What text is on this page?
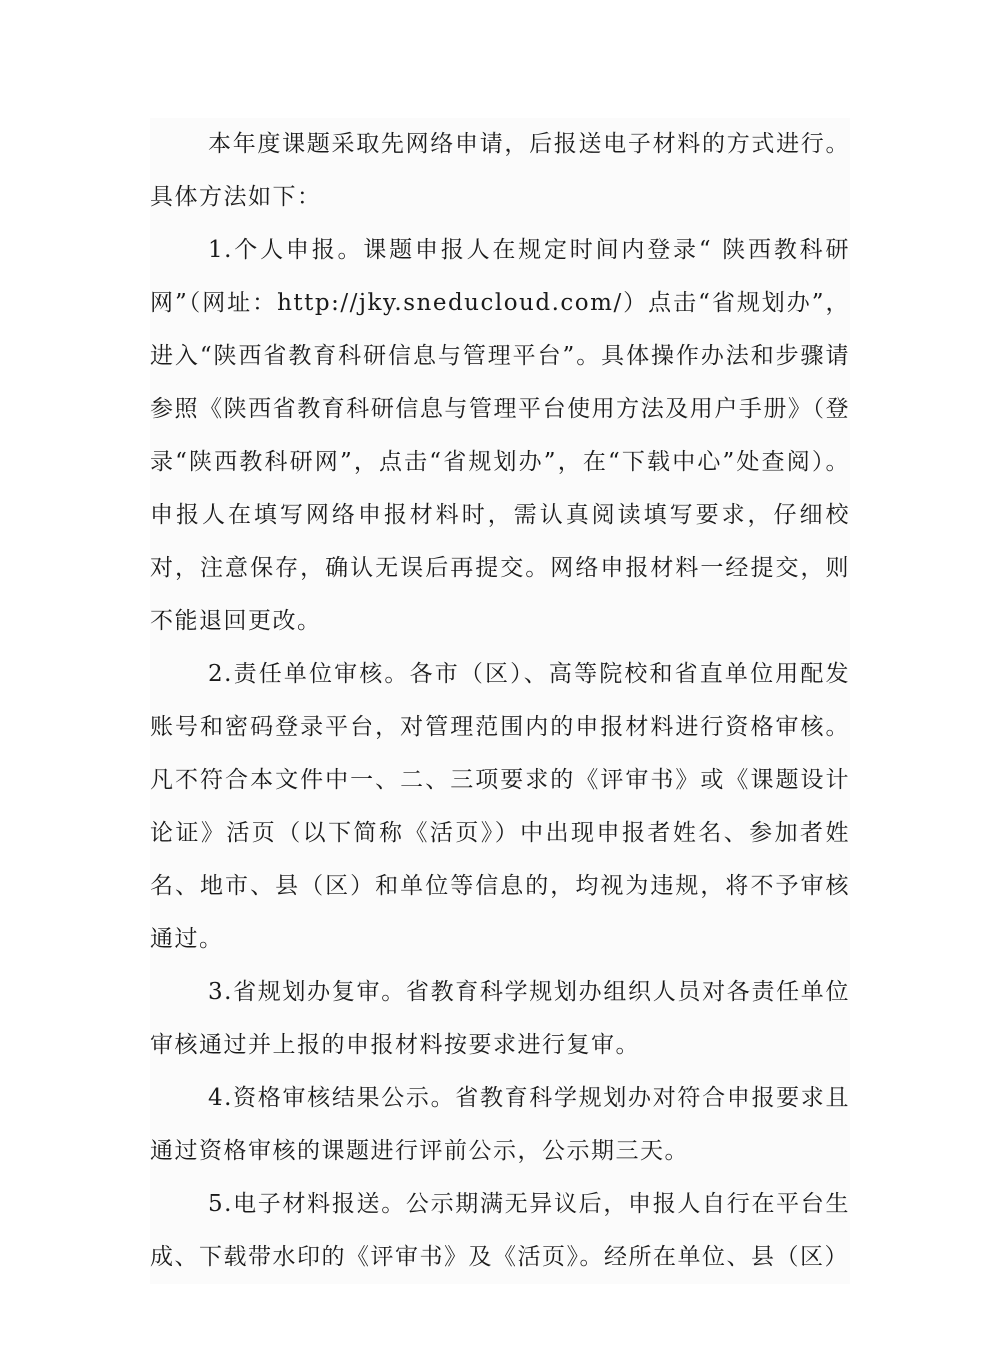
本年度课题采取先网络申请，后报送电子材料的方式进行。具体方法如下：

1.个人申报。课题申报人在规定时间内登录“ 陕西教科研网”（网址：http://jky.sneducloud.com/）点击“省规划办”，进入“陕西省教育科研信息与管理平台”。具体操作办法和步骤请参照《陕西省教育科研信息与管理平台使用方法及用户手册》（登录“陕西教科研网”，点击“省规划办”，在“下载中心”处查阅）。申报人在填写网络申报材料时，需认真阅读填写要求，仔细校对，注意保存，确认无误后再提交。网络申报材料一经提交，则不能退回更改。

2.责任单位审核。各市（区）、高等院校和省直单位用配发账号和密码登录平台，对管理范围内的申报材料进行资格审核。凡不符合本文件中一、二、三项要求的《评审书》或《课题设计论证》活页（以下简称《活页》）中出现申报者姓名、参加者姓名、地市、县（区）和单位等信息的，均视为违规，将不予审核通过。

3.省规划办复审。省教育科学规划办组织人员对各责任单位审核通过并上报的申报材料按要求进行复审。

4.资格审核结果公示。省教育科学规划办对符合申报要求且通过资格审核的课题进行评前公示，公示期三天。

5.电子材料报送。公示期满无异议后，申报人自行在平台生成、下载带水印的《评审书》及《活页》。经所在单位、县（区）
